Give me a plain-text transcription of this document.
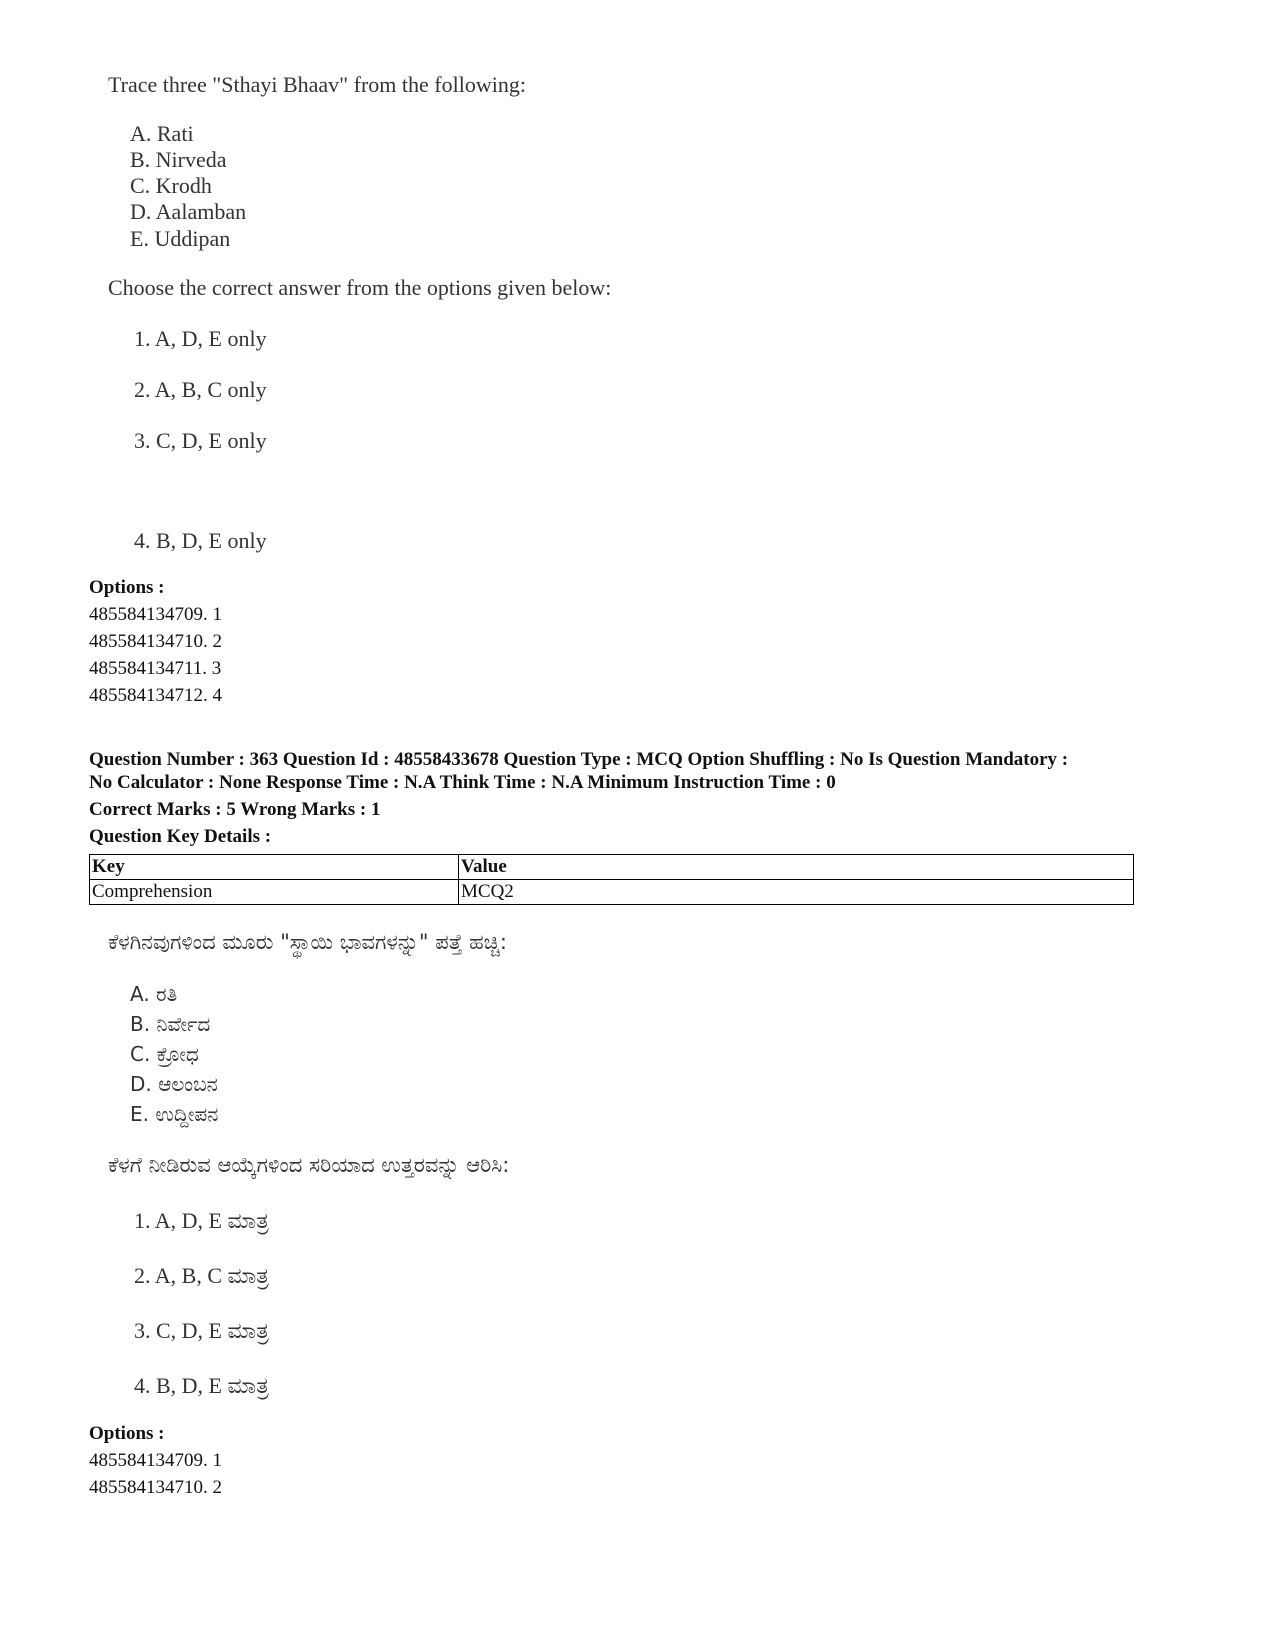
Trace three "Sthayi Bhaav" from the following:
A. Rati
B. Nirveda
C. Krodh
D. Aalamban
E. Uddipan
Choose the correct answer from the options given below:
1. A, D, E only
2. A, B, C only
3. C, D, E only
4. B, D, E only
Options :
485584134709. 1
485584134710. 2
485584134711. 3
485584134712. 4
Question Number : 363 Question Id : 48558433678 Question Type : MCQ Option Shuffling : No Is Question Mandatory :
No Calculator : None Response Time : N.A Think Time : N.A Minimum Instruction Time : 0
Correct Marks : 5 Wrong Marks : 1
Question Key Details :
Key	Value
Comprehension	MCQ2
ಕೆಳಗಿನವುಗಳಿಂದ ಮೂರು "ಸ್ಥಾಯಿ ಭಾವಗಳನ್ನು" ಪತ್ತೆ ಹಚ್ಚಿ:
A. ರತಿ
B. ನಿರ್ವೇದ
C. ಕ್ರೋಧ
D. ಆಲಂಬನ
E. ಉದ್ದೀಪನ
ಕೆಳಗೆ ನೀಡಿರುವ ಆಯ್ಕೆಗಳಿಂದ ಸರಿಯಾದ ಉತ್ತರವನ್ನು ಆರಿಸಿ:
1. A, D, E ಮಾತ್ರ
2. A, B, C ಮಾತ್ರ
3. C, D, E ಮಾತ್ರ
4. B, D, E ಮಾತ್ರ
Options :
485584134709. 1
485584134710. 2
